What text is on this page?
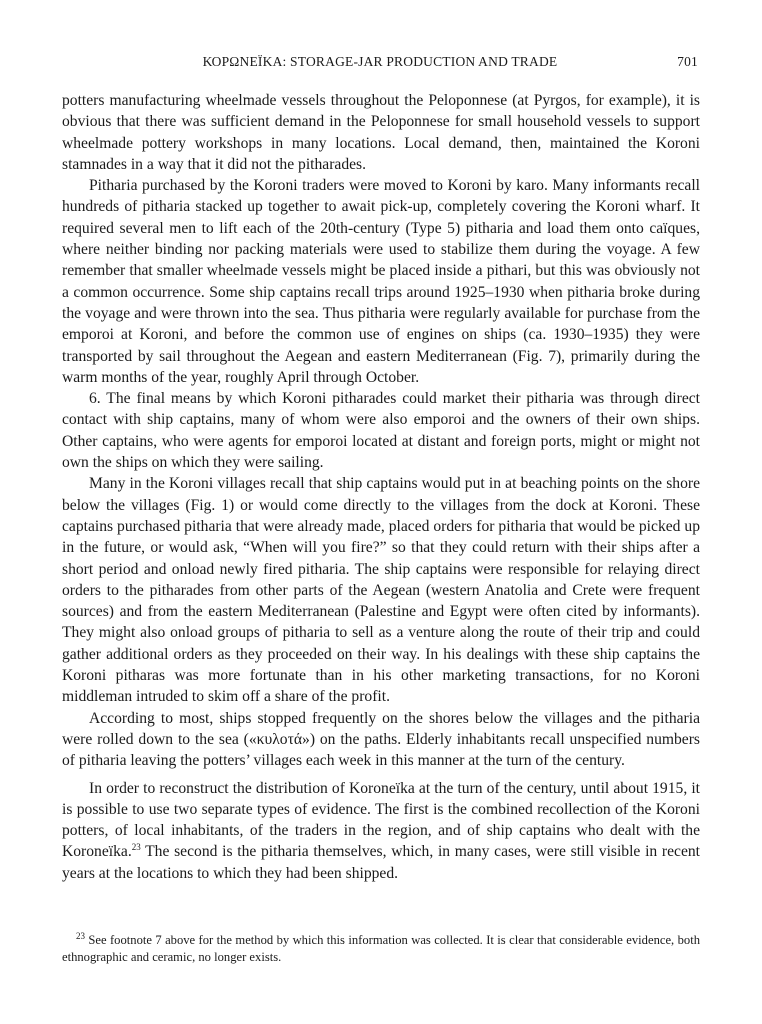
ΚΟΡΩΝΕΪΚΑ: STORAGE-JAR PRODUCTION AND TRADE	701

potters manufacturing wheelmade vessels throughout the Peloponnese (at Pyrgos, for example), it is obvious that there was sufficient demand in the Peloponnese for small household vessels to support wheelmade pottery workshops in many locations. Local demand, then, maintained the Koroni stamnades in a way that it did not the pitharades.

Pitharia purchased by the Koroni traders were moved to Koroni by karo. Many informants recall hundreds of pitharia stacked up together to await pick-up, completely covering the Koroni wharf. It required several men to lift each of the 20th-century (Type 5) pitharia and load them onto caïques, where neither binding nor packing materials were used to stabilize them during the voyage. A few remember that smaller wheelmade vessels might be placed inside a pithari, but this was obviously not a common occurrence. Some ship captains recall trips around 1925–1930 when pitharia broke during the voyage and were thrown into the sea. Thus pitharia were regularly available for purchase from the emporoi at Koroni, and before the common use of engines on ships (ca. 1930–1935) they were transported by sail throughout the Aegean and eastern Mediterranean (Fig. 7), primarily during the warm months of the year, roughly April through October.

6. The final means by which Koroni pitharades could market their pitharia was through direct contact with ship captains, many of whom were also emporoi and the owners of their own ships. Other captains, who were agents for emporoi located at distant and foreign ports, might or might not own the ships on which they were sailing.

Many in the Koroni villages recall that ship captains would put in at beaching points on the shore below the villages (Fig. 1) or would come directly to the villages from the dock at Koroni. These captains purchased pitharia that were already made, placed orders for pitharia that would be picked up in the future, or would ask, “When will you fire?” so that they could return with their ships after a short period and onload newly fired pitharia. The ship captains were responsible for relaying direct orders to the pitharades from other parts of the Aegean (western Anatolia and Crete were frequent sources) and from the eastern Mediterranean (Palestine and Egypt were often cited by informants). They might also onload groups of pitharia to sell as a venture along the route of their trip and could gather additional orders as they proceeded on their way. In his dealings with these ship captains the Koroni pitharas was more fortunate than in his other marketing transactions, for no Koroni middleman intruded to skim off a share of the profit.

According to most, ships stopped frequently on the shores below the villages and the pitharia were rolled down to the sea («κυλοτά») on the paths. Elderly inhabitants recall unspecified numbers of pitharia leaving the potters’ villages each week in this manner at the turn of the century.

In order to reconstruct the distribution of Koroneïka at the turn of the century, until about 1915, it is possible to use two separate types of evidence. The first is the combined recollection of the Koroni potters, of local inhabitants, of the traders in the region, and of ship captains who dealt with the Koroneïka.$^{23}$ The second is the pitharia themselves, which, in many cases, were still visible in recent years at the locations to which they had been shipped.

$^{23}$ See footnote 7 above for the method by which this information was collected. It is clear that considerable evidence, both ethnographic and ceramic, no longer exists.
